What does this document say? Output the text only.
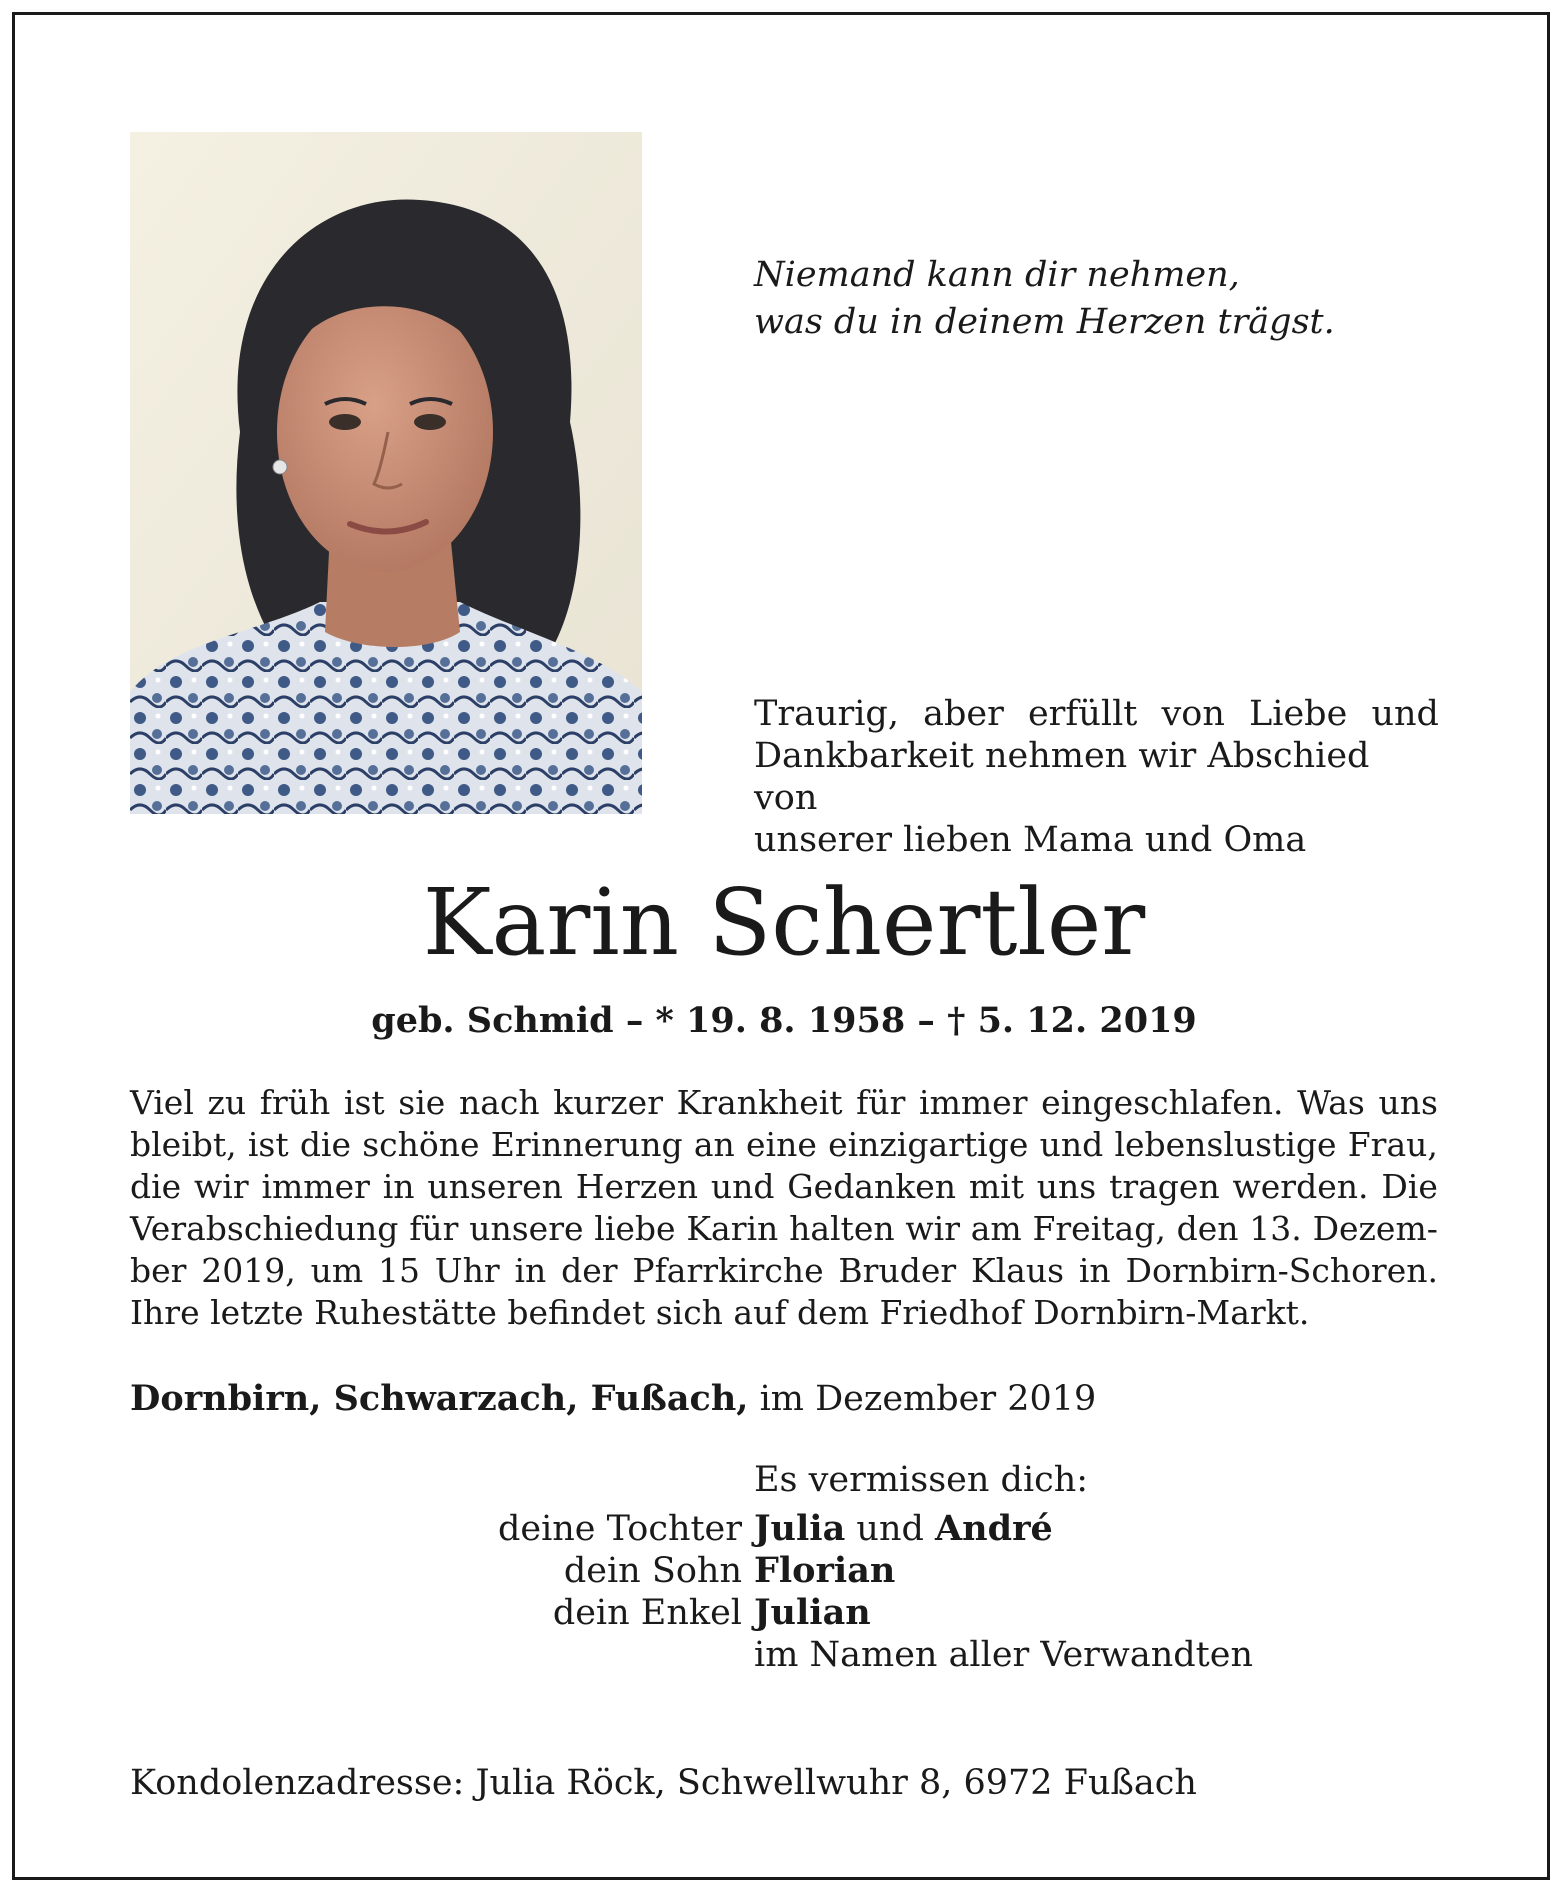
Niemand kann dir nehmen,
was du in deinem Herzen trägst.
Traurig, aber erfüllt von Liebe und
Dankbarkeit nehmen wir Abschied von
unserer lieben Mama und Oma
Karin Schertler
geb. Schmid – * 19. 8. 1958 – † 5. 12. 2019
Viel zu früh ist sie nach kurzer Krankheit für immer eingeschlafen. Was uns
bleibt, ist die schöne Erinnerung an eine einzigartige und lebenslustige Frau,
die wir immer in unseren Herzen und Gedanken mit uns tragen werden. Die
Verabschiedung für unsere liebe Karin halten wir am Freitag, den 13. Dezem-
ber 2019, um 15 Uhr in der Pfarrkirche Bruder Klaus in Dornbirn-Schoren.
Ihre letzte Ruhestätte befindet sich auf dem Friedhof Dornbirn-Markt.
Dornbirn, Schwarzach, Fußach, im Dezember 2019
Es vermissen dich:
deine Tochter Julia und André
dein Sohn Florian
dein Enkel Julian
im Namen aller Verwandten
Kondolenzadresse: Julia Röck, Schwellwuhr 8, 6972 Fußach
